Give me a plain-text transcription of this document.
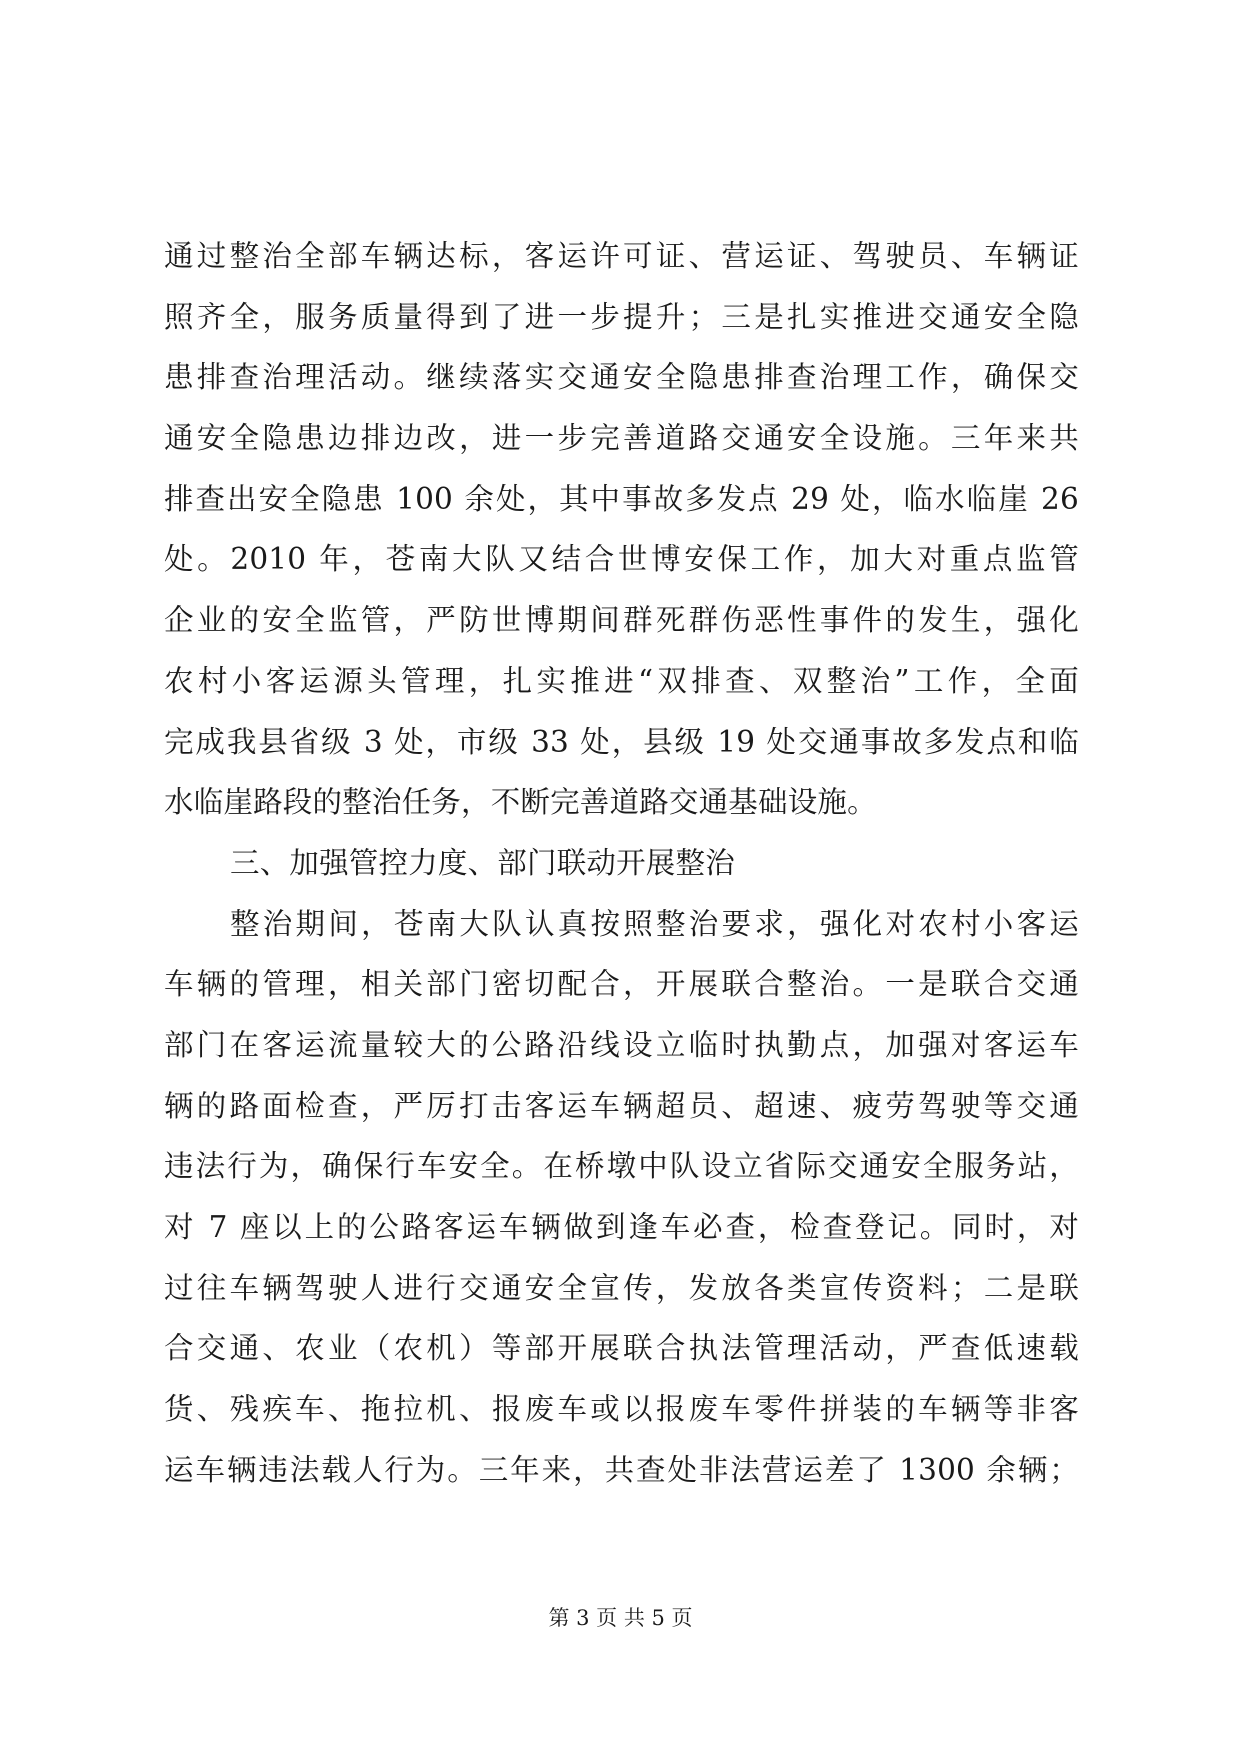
通过整治全部车辆达标，客运许可证、营运证、驾驶员、车辆证
照齐全，服务质量得到了进一步提升；三是扎实推进交通安全隐
患排查治理活动。继续落实交通安全隐患排查治理工作，确保交
通安全隐患边排边改，进一步完善道路交通安全设施。三年来共
排查出安全隐患 100 余处，其中事故多发点 29 处，临水临崖 26
处。2010 年，苍南大队又结合世博安保工作，加大对重点监管
企业的安全监管，严防世博期间群死群伤恶性事件的发生，强化
农村小客运源头管理，扎实推进“双排查、双整治”工作，全面
完成我县省级 3 处，市级 33 处，县级 19 处交通事故多发点和临
水临崖路段的整治任务，不断完善道路交通基础设施。
三、加强管控力度、部门联动开展整治
整治期间，苍南大队认真按照整治要求，强化对农村小客运
车辆的管理，相关部门密切配合，开展联合整治。一是联合交通
部门在客运流量较大的公路沿线设立临时执勤点，加强对客运车
辆的路面检查，严厉打击客运车辆超员、超速、疲劳驾驶等交通
违法行为，确保行车安全。在桥墩中队设立省际交通安全服务站，
对 7 座以上的公路客运车辆做到逢车必查，检查登记。同时，对
过往车辆驾驶人进行交通安全宣传，发放各类宣传资料；二是联
合交通、农业（农机）等部开展联合执法管理活动，严查低速载
货、残疾车、拖拉机、报废车或以报废车零件拼装的车辆等非客
运车辆违法载人行为。三年来，共查处非法营运差了 1300 余辆；
第 3 页 共 5 页
